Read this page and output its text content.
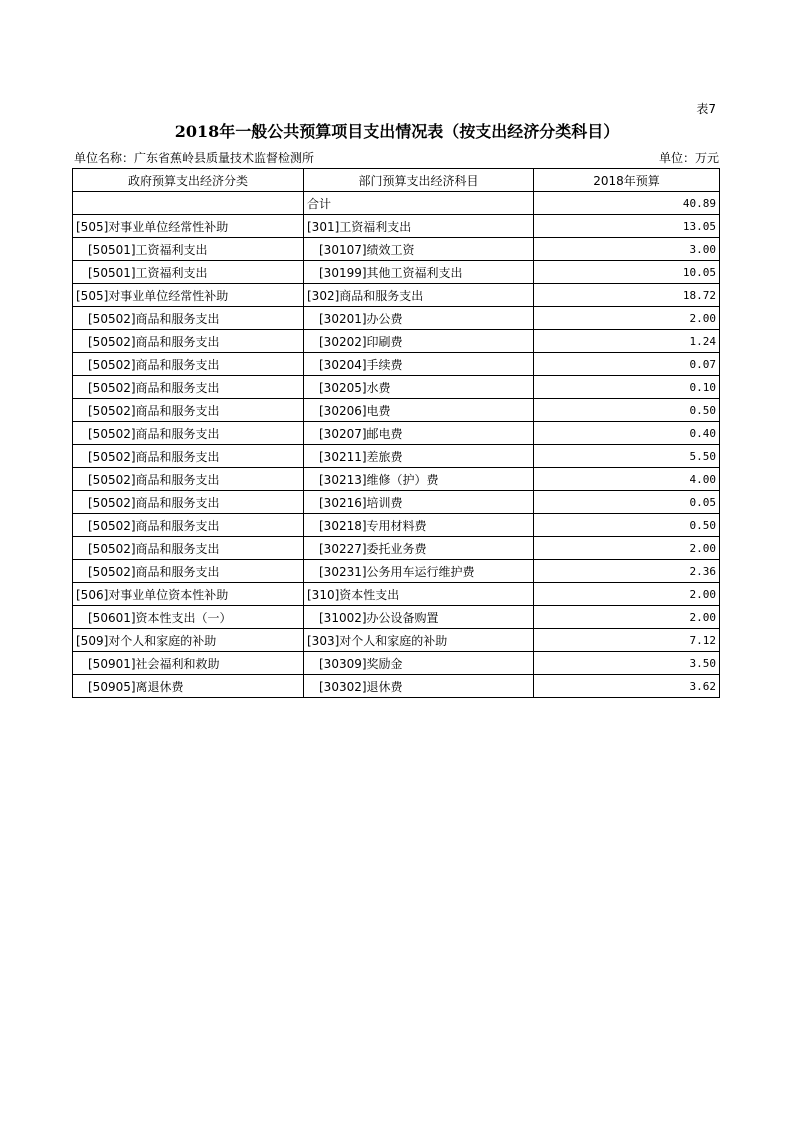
表7
2018年一般公共预算项目支出情况表（按支出经济分类科目）
单位名称：广东省蕉岭县质量技术监督检测所	单位：万元
政府预算支出经济分类	部门预算支出经济科目	2018年预算
	合计	40.89
[505]对事业单位经常性补助	[301]工资福利支出	13.05
[50501]工资福利支出	[30107]绩效工资	3.00
[50501]工资福利支出	[30199]其他工资福利支出	10.05
[505]对事业单位经常性补助	[302]商品和服务支出	18.72
[50502]商品和服务支出	[30201]办公费	2.00
[50502]商品和服务支出	[30202]印刷费	1.24
[50502]商品和服务支出	[30204]手续费	0.07
[50502]商品和服务支出	[30205]水费	0.10
[50502]商品和服务支出	[30206]电费	0.50
[50502]商品和服务支出	[30207]邮电费	0.40
[50502]商品和服务支出	[30211]差旅费	5.50
[50502]商品和服务支出	[30213]维修（护）费	4.00
[50502]商品和服务支出	[30216]培训费	0.05
[50502]商品和服务支出	[30218]专用材料费	0.50
[50502]商品和服务支出	[30227]委托业务费	2.00
[50502]商品和服务支出	[30231]公务用车运行维护费	2.36
[506]对事业单位资本性补助	[310]资本性支出	2.00
[50601]资本性支出（一）	[31002]办公设备购置	2.00
[509]对个人和家庭的补助	[303]对个人和家庭的补助	7.12
[50901]社会福利和救助	[30309]奖励金	3.50
[50905]离退休费	[30302]退休费	3.62
